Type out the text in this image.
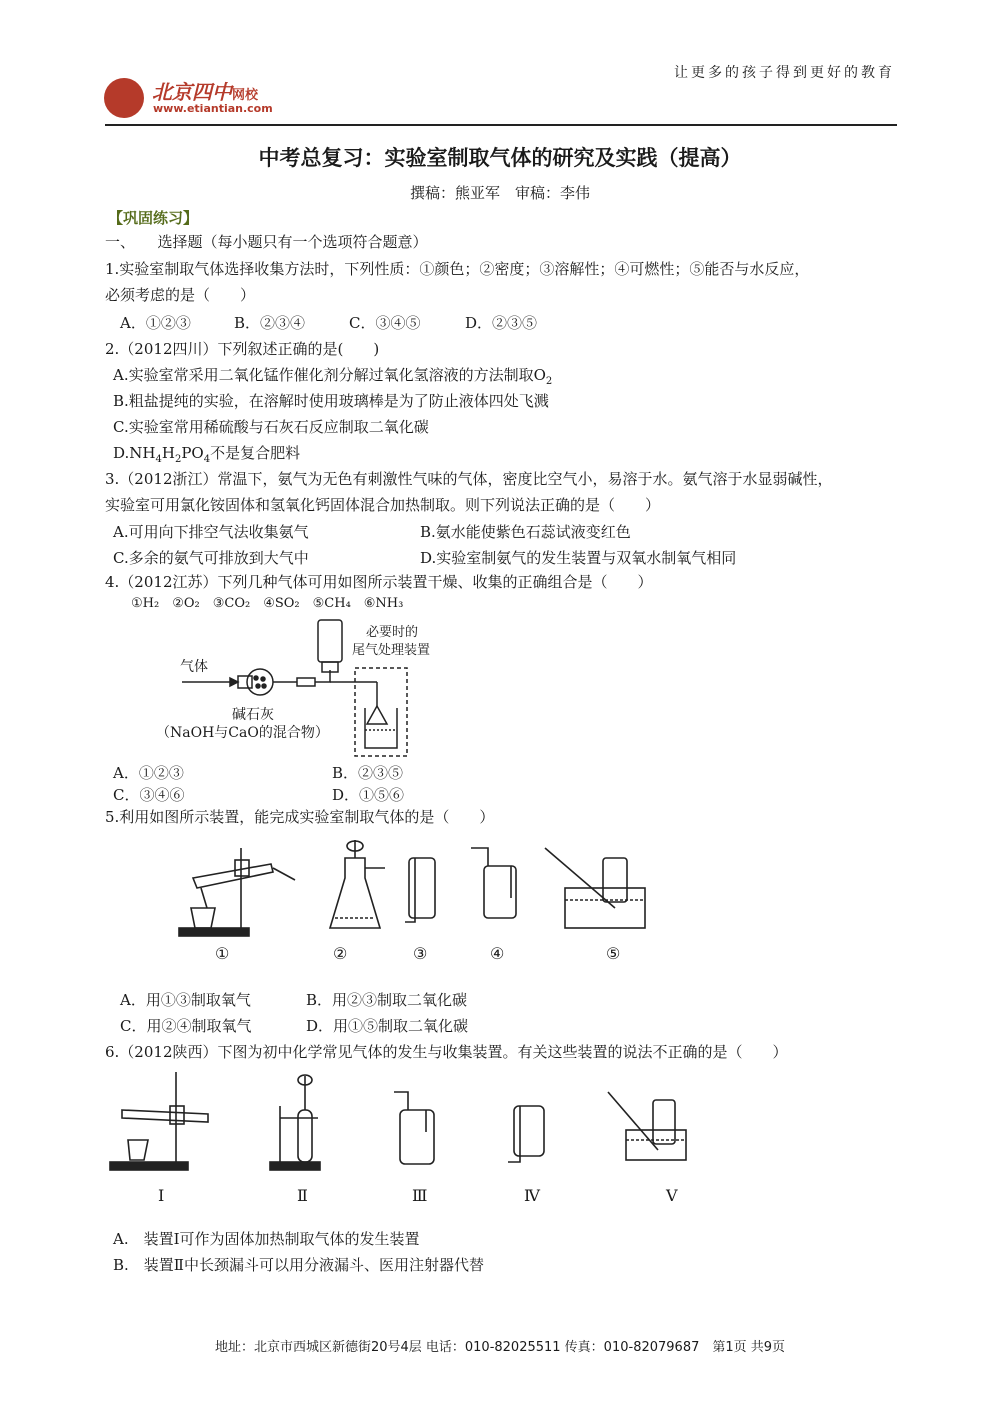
让更多的孩子得到更好的教育
北京四中网校
www.etiantian.com
中考总复习：实验室制取气体的研究及实践（提高）
撰稿：熊亚军　审稿：李伟
【巩固练习】
一、　　选择题（每小题只有一个选项符合题意）
1.实验室制取气体选择收集方法时，下列性质：①颜色；②密度；③溶解性；④可燃性；⑤能否与水反应，
必须考虑的是（　　）
A．①②③	B．②③④	C．③④⑤	D．②③⑤
2.（2012四川）下列叙述正确的是(　　)
A.实验室常采用二氧化锰作催化剂分解过氧化氢溶液的方法制取$O_2$
B.粗盐提纯的实验，在溶解时使用玻璃棒是为了防止液体四处飞溅
C.实验室常用稀硫酸与石灰石反应制取二氧化碳
$D.NH_4H_2PO_4$不是复合肥料
3.（2012浙江）常温下，氨气为无色有刺激性气味的气体，密度比空气小，易溶于水。氨气溶于水显弱碱性，
实验室可用氯化铵固体和氢氧化钙固体混合加热制取。则下列说法正确的是（　　）
A.可用向下排空气法收集氨气	B.氨水能使紫色石蕊试液变红色
C.多余的氨气可排放到大气中	D.实验室制氨气的发生装置与双氧水制氧气相同
4.（2012江苏）下列几种气体可用如图所示装置干燥、收集的正确组合是（　　）
①H₂　②O₂　③CO₂　④SO₂　⑤CH₄　⑥NH₃
气体
必要时的
尾气处理装置
碱石灰
（NaOH与CaO的混合物）
A．①②③	B．②③⑤
C．③④⑥	D．①⑤⑥
5.利用如图所示装置，能完成实验室制取气体的是（　　）
①	②	③	④	⑤
A．用①③制取氧气	B．用②③制取二氧化碳
C．用②④制取氧气	D．用①⑤制取二氧化碳
6.（2012陕西）下图为初中化学常见气体的发生与收集装置。有关这些装置的说法不正确的是（　　）
I	Ⅱ	Ⅲ	Ⅳ	V
A.　装置Ⅰ可作为固体加热制取气体的发生装置
B.　装置Ⅱ中长颈漏斗可以用分液漏斗、医用注射器代替
地址：北京市西城区新德街20号4层 电话：010-82025511 传真：010-82079687　第1页 共9页
